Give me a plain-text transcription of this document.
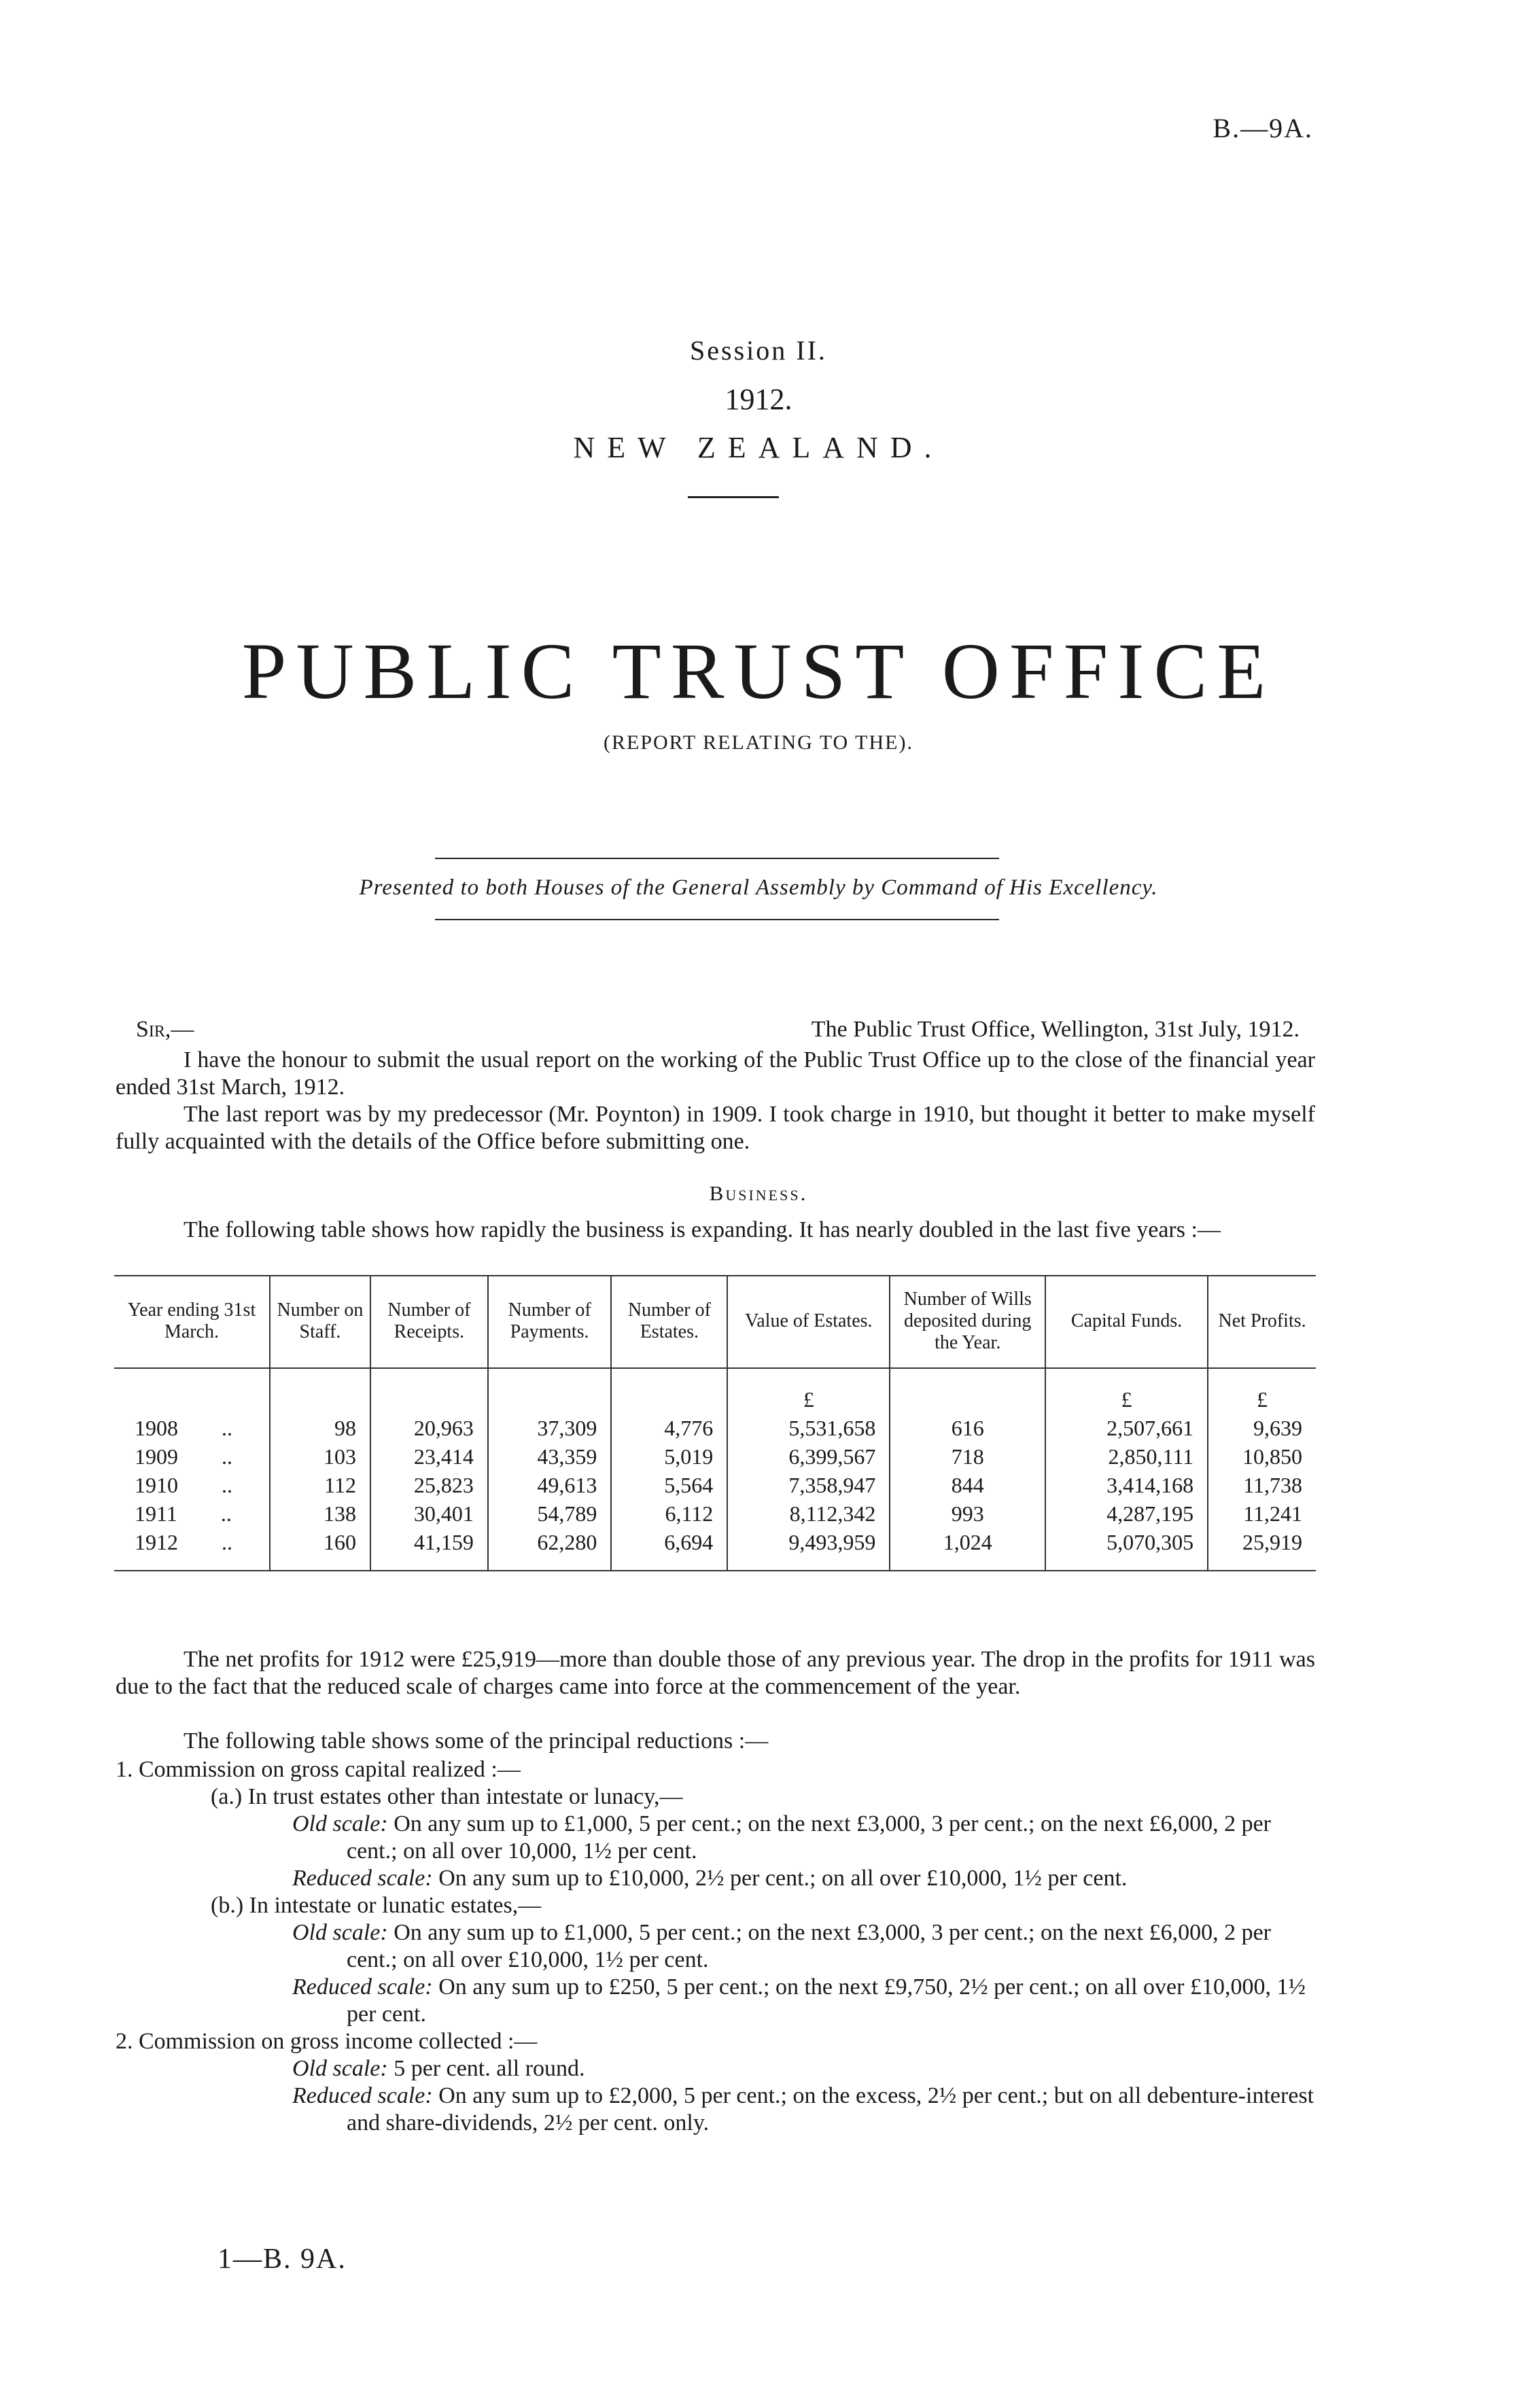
B.—9A.
Session II.
1912.
NEW ZEALAND.
PUBLIC TRUST OFFICE
(REPORT RELATING TO THE).
Presented to both Houses of the General Assembly by Command of His Excellency.
Sir,—	The Public Trust Office, Wellington, 31st July, 1912.
I have the honour to submit the usual report on the working of the Public Trust Office up to the close of the financial year ended 31st March, 1912.
The last report was by my predecessor (Mr. Poynton) in 1909. I took charge in 1910, but thought it better to make myself fully acquainted with the details of the Office before submitting one.
Business.
The following table shows how rapidly the business is expanding. It has nearly doubled in the last five years :—
Year ending 31st March.	Number on Staff.	Number of Receipts.	Number of Payments.	Number of Estates.	Value of Estates.	Number of Wills deposited during the Year.	Capital Funds.	Net Profits.
					£		£	£
1908 ..	98	20,963	37,309	4,776	5,531,658	616	2,507,661	9,639
1909 ..	103	23,414	43,359	5,019	6,399,567	718	2,850,111	10,850
1910 ..	112	25,823	49,613	5,564	7,358,947	844	3,414,168	11,738
1911 ..	138	30,401	54,789	6,112	8,112,342	993	4,287,195	11,241
1912 ..	160	41,159	62,280	6,694	9,493,959	1,024	5,070,305	25,919
The net profits for 1912 were £25,919—more than double those of any previous year. The drop in the profits for 1911 was due to the fact that the reduced scale of charges came into force at the commencement of the year.
The following table shows some of the principal reductions :—
1. Commission on gross capital realized :—
(a.) In trust estates other than intestate or lunacy,—
Old scale: On any sum up to £1,000, 5 per cent.; on the next £3,000, 3 per cent.; on the next £6,000, 2 per cent.; on all over 10,000, 1½ per cent.
Reduced scale: On any sum up to £10,000, 2½ per cent.; on all over £10,000, 1½ per cent.
(b.) In intestate or lunatic estates,—
Old scale: On any sum up to £1,000, 5 per cent.; on the next £3,000, 3 per cent.; on the next £6,000, 2 per cent.; on all over £10,000, 1½ per cent.
Reduced scale: On any sum up to £250, 5 per cent.; on the next £9,750, 2½ per cent.; on all over £10,000, 1½ per cent.
2. Commission on gross income collected :—
Old scale: 5 per cent. all round.
Reduced scale: On any sum up to £2,000, 5 per cent.; on the excess, 2½ per cent.; but on all debenture-interest and share-dividends, 2½ per cent. only.
1—B. 9A.
